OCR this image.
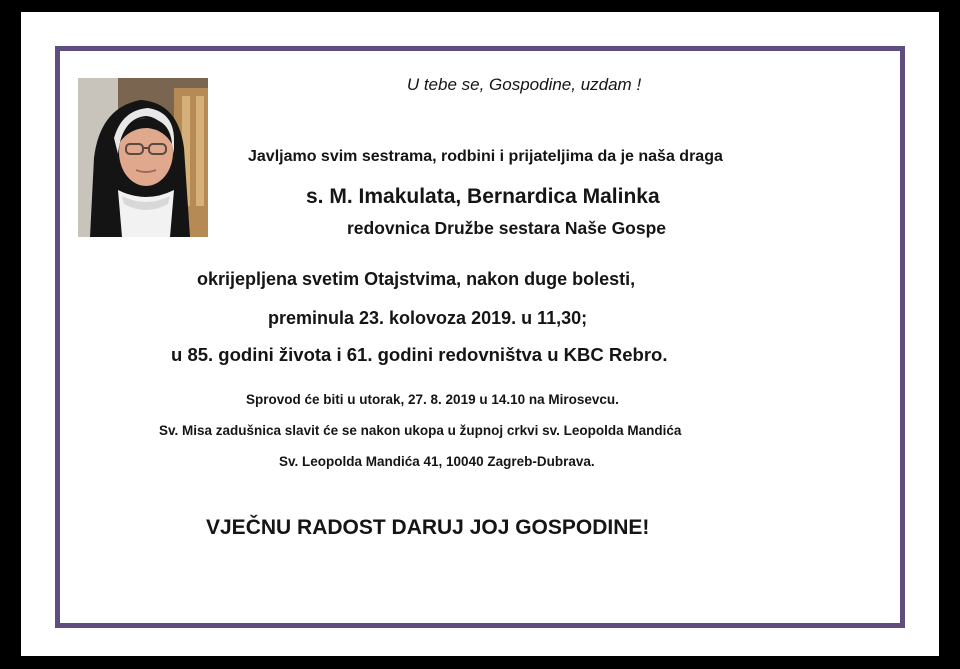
U tebe se, Gospodine, uzdam !
Javljamo svim sestrama, rodbini i prijateljima da je naša draga
s. M. Imakulata, Bernardica Malinka
redovnica Družbe sestara Naše Gospe
okrijepljena svetim Otajstvima, nakon duge bolesti,
preminula 23. kolovoza 2019. u 11,30;
u 85. godini života i 61. godini redovništva u KBC Rebro.
Sprovod će biti u utorak, 27. 8. 2019 u 14.10 na Mirosevcu.
Sv. Misa zadušnica slavit će se nakon ukopa u župnoj crkvi sv. Leopolda Mandića
Sv. Leopolda Mandića 41, 10040 Zagreb-Dubrava.
VJEČNU RADOST DARUJ JOJ GOSPODINE!
